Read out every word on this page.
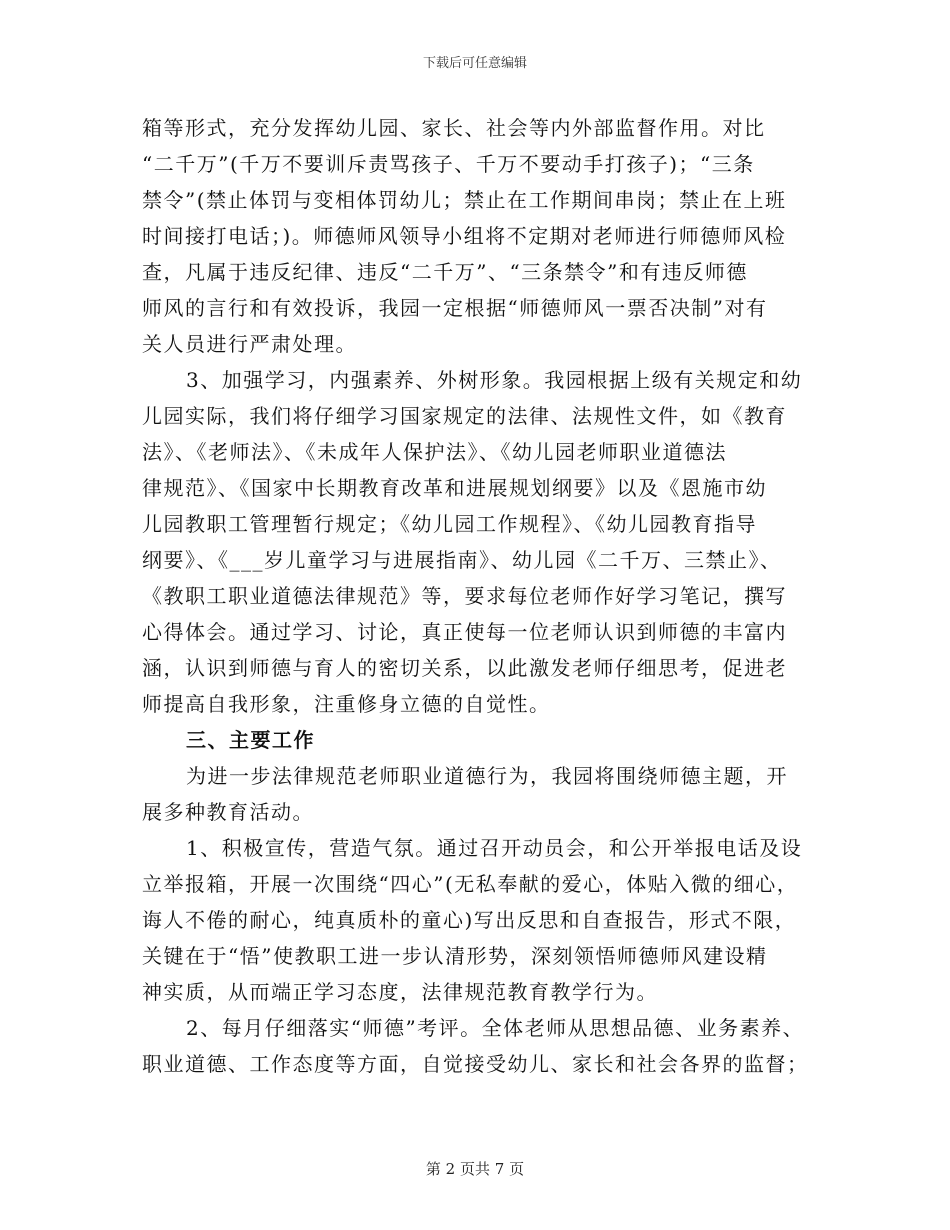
下载后可任意编辑
箱等形式，充分发挥幼儿园、家长、社会等内外部监督作用。对比
“二千万”(千万不要训斥责骂孩子、千万不要动手打孩子)；“三条
禁令”(禁止体罚与变相体罚幼儿；禁止在工作期间串岗；禁止在上班
时间接打电话；)。师德师风领导小组将不定期对老师进行师德师风检
查，凡属于违反纪律、违反“二千万”、“三条禁令”和有违反师德
师风的言行和有效投诉，我园一定根据“师德师风一票否决制”对有
关人员进行严肃处理。
3、加强学习，内强素养、外树形象。我园根据上级有关规定和幼
儿园实际，我们将仔细学习国家规定的法律、法规性文件，如《教育
法》、《老师法》、《未成年人保护法》、《幼儿园老师职业道德法
律规范》、《国家中长期教育改革和进展规划纲要》以及《恩施市幼
儿园教职工管理暂行规定；《幼儿园工作规程》、《幼儿园教育指导
纲要》、《___岁儿童学习与进展指南》、幼儿园《二千万、三禁止》、
《教职工职业道德法律规范》等，要求每位老师作好学习笔记，撰写
心得体会。通过学习、讨论，真正使每一位老师认识到师德的丰富内
涵，认识到师德与育人的密切关系，以此激发老师仔细思考，促进老
师提高自我形象，注重修身立德的自觉性。
三、主要工作
为进一步法律规范老师职业道德行为，我园将围绕师德主题，开
展多种教育活动。
1、积极宣传，营造气氛。通过召开动员会，和公开举报电话及设
立举报箱，开展一次围绕“四心”(无私奉献的爱心，体贴入微的细心，
诲人不倦的耐心，纯真质朴的童心)写出反思和自查报告，形式不限，
关键在于“悟”使教职工进一步认清形势，深刻领悟师德师风建设精
神实质，从而端正学习态度，法律规范教育教学行为。
2、每月仔细落实“师德”考评。全体老师从思想品德、业务素养、
职业道德、工作态度等方面，自觉接受幼儿、家长和社会各界的监督；
第 2 页共 7 页
